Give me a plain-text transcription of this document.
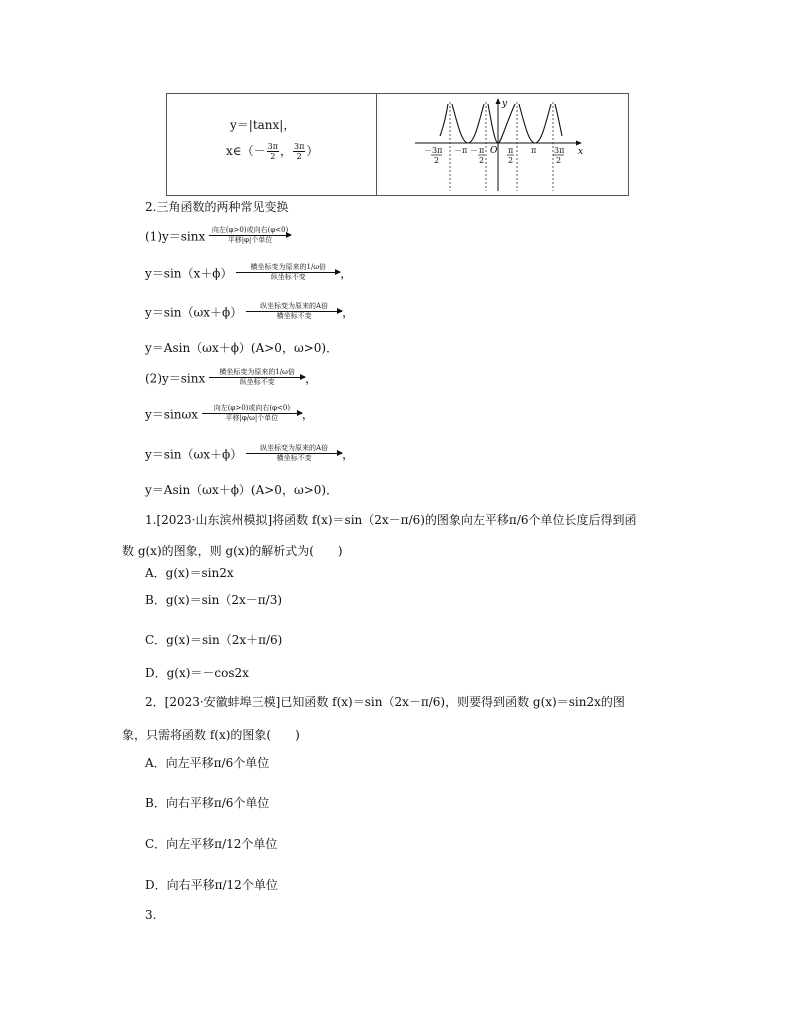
y＝|tanx|，
x∈（－ $\frac{3\pi}{2}$ ， $\frac{3\pi}{2}$ ）
y
x
O
－ 3π
2
－π － π
2
π
2
π 3π
2
2.三角函数的两种常见变换
(1)y＝sinx 向左(φ>0)或向右(φ<0)
平移|φ|个单位
y＝sin（x＋ϕ）	横坐标变为原来的1/ω倍
纵坐标不变	，
y＝sin（ωx＋ϕ）	纵坐标变为原来的A倍
横坐标不变	，
y＝Asin（ωx＋ϕ）(A>0，ω>0)．
(2)y＝sinx	横坐标变为原来的1/ω倍
纵坐标不变	，
y＝sinωx	向左(φ>0)或向右(φ<0)
平移|φ/ω|个单位	，
y＝sin（ωx＋ϕ）	纵坐标变为原来的A倍
横坐标不变	，
y＝Asin（ωx＋ϕ）(A>0，ω>0)．
1.[2023·山东滨州模拟]将函数 f(x)＝sin（2x－π/6)的图象向左平移π/6个单位长度后得到函
数 g(x)的图象，则 g(x)的解析式为(　　)
A．g(x)＝sin2x
B．g(x)＝sin（2x－π/3)
C．g(x)＝sin（2x＋π/6)
D．g(x)＝－cos2x
2．[2023·安徽蚌埠三模]已知函数 f(x)＝sin（2x－π/6)，则要得到函数 g(x)＝sin2x的图
象，只需将函数 f(x)的图象(　　)
A．向左平移π/6个单位
B．向右平移π/6个单位
C．向左平移π/12个单位
D．向右平移π/12个单位
3.
